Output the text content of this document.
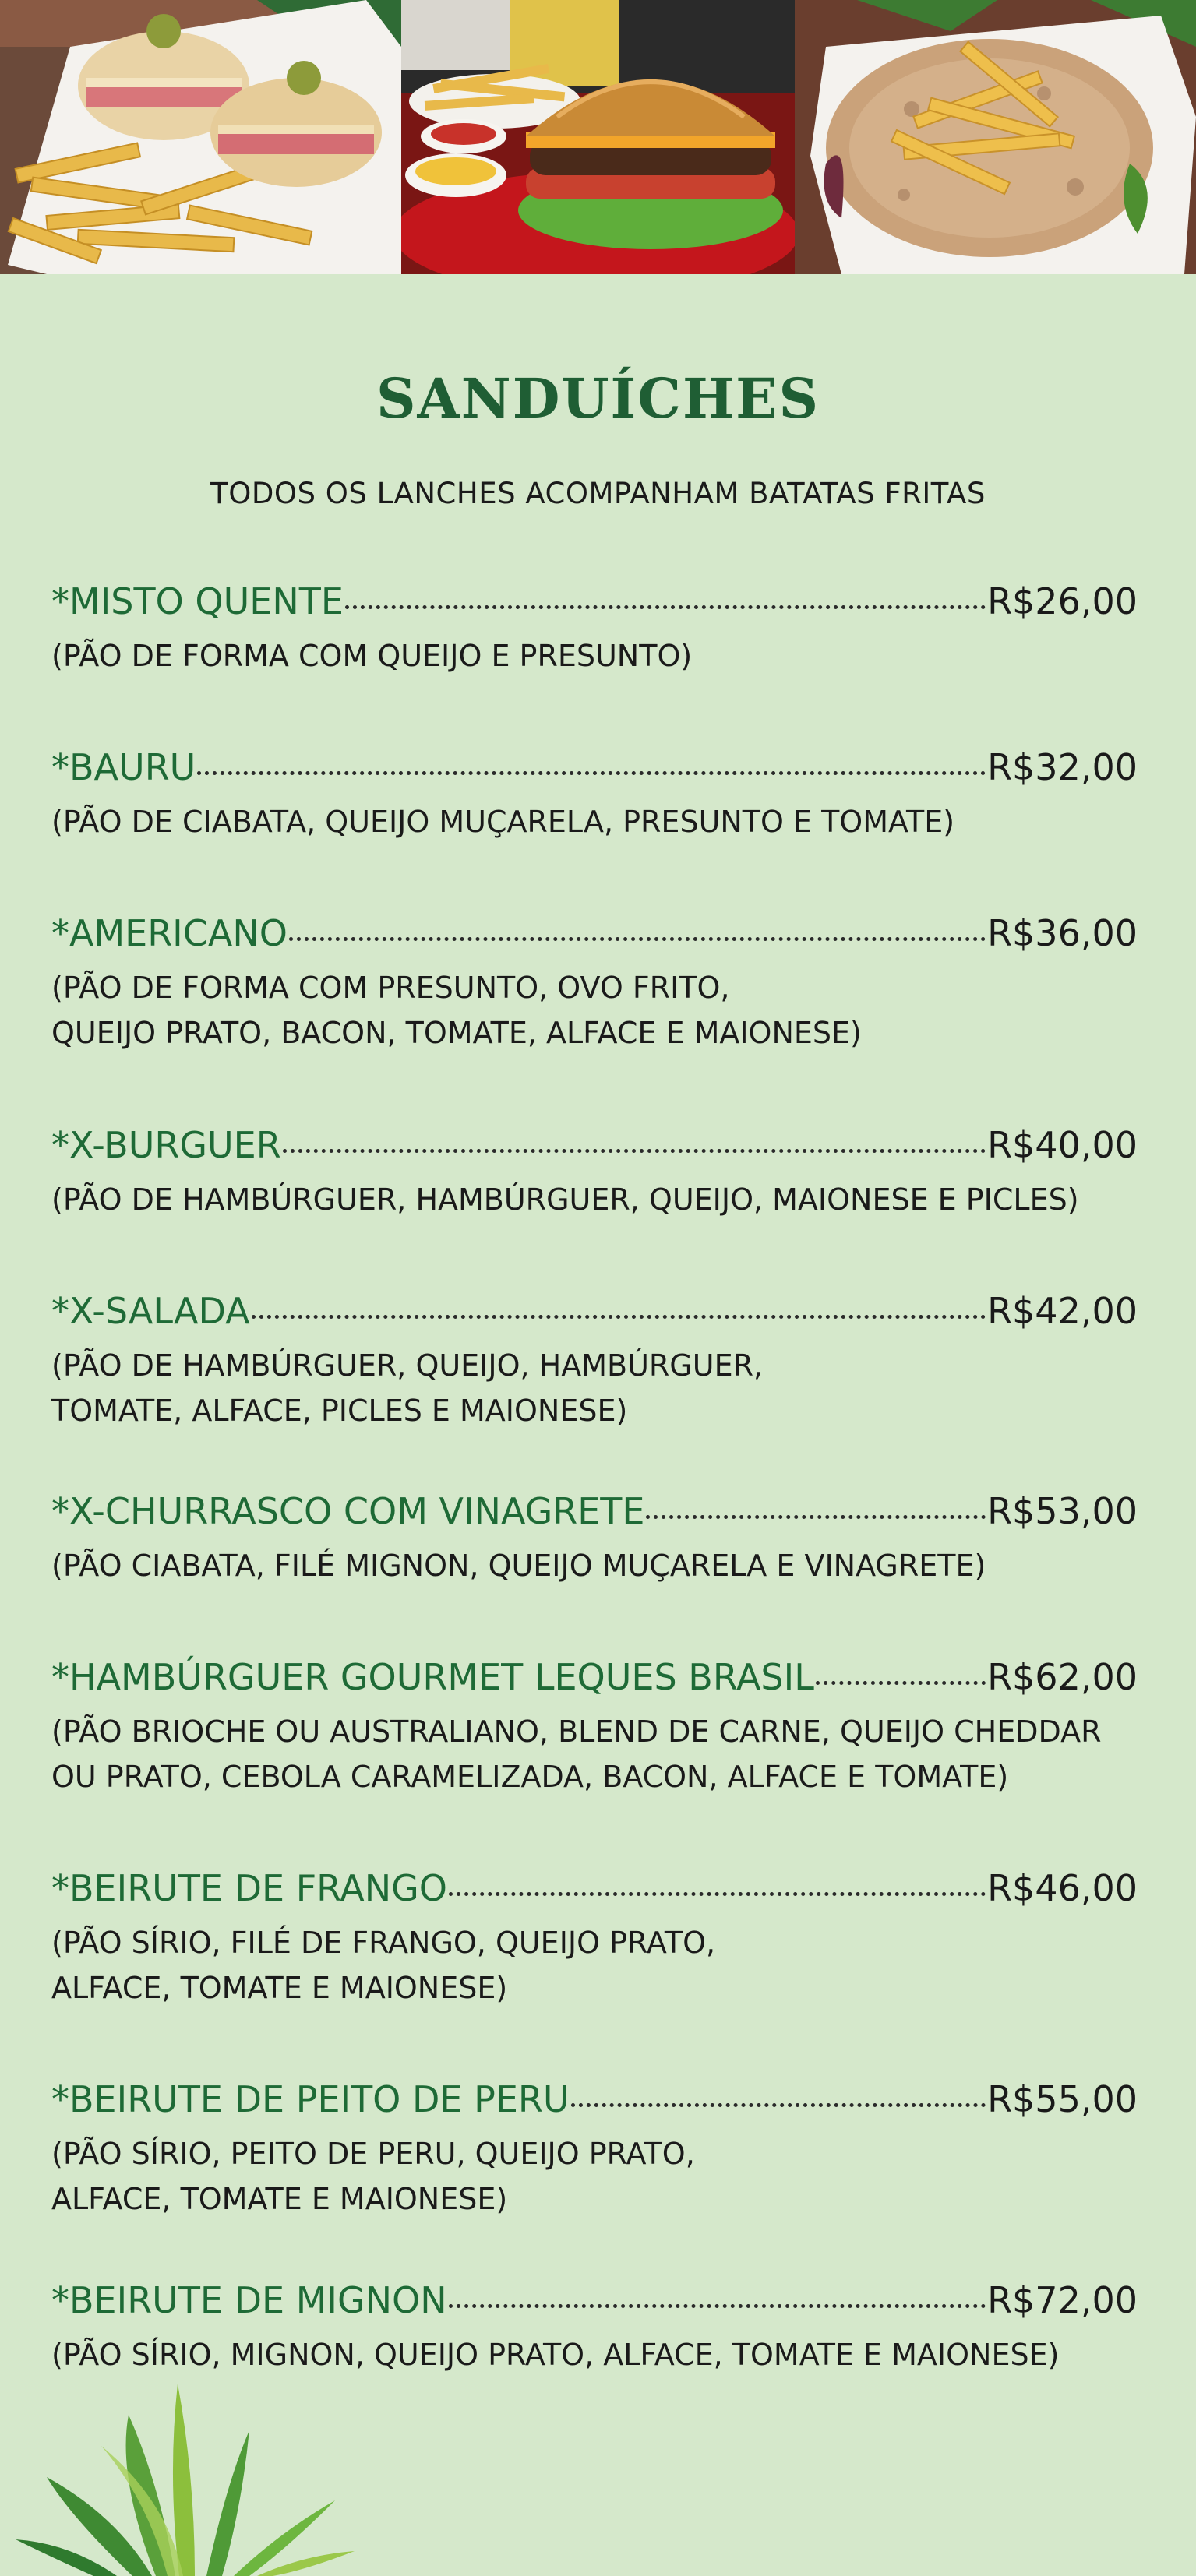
SANDUÍCHES

TODOS OS LANCHES ACOMPANHAM BATATAS FRITAS

*MISTO QUENTE	R$26,00
(PÃO DE FORMA COM QUEIJO E PRESUNTO)
*BAURU	R$32,00
(PÃO DE CIABATA, QUEIJO MUÇARELA, PRESUNTO E TOMATE)
*AMERICANO	R$36,00
(PÃO DE FORMA COM PRESUNTO, OVO FRITO,
QUEIJO PRATO, BACON, TOMATE, ALFACE E MAIONESE)
*X-BURGUER	R$40,00
(PÃO DE HAMBÚRGUER, HAMBÚRGUER, QUEIJO, MAIONESE E PICLES)
*X-SALADA	R$42,00
(PÃO DE HAMBÚRGUER, QUEIJO, HAMBÚRGUER,
TOMATE, ALFACE, PICLES E MAIONESE)
*X-CHURRASCO COM VINAGRETE	R$53,00
(PÃO CIABATA, FILÉ MIGNON, QUEIJO MUÇARELA E VINAGRETE)
*HAMBÚRGUER GOURMET LEQUES BRASIL	R$62,00
(PÃO BRIOCHE OU AUSTRALIANO, BLEND DE CARNE, QUEIJO CHEDDAR
OU PRATO, CEBOLA CARAMELIZADA, BACON, ALFACE E TOMATE)
*BEIRUTE DE FRANGO	R$46,00
(PÃO SÍRIO, FILÉ DE FRANGO, QUEIJO PRATO,
ALFACE, TOMATE E MAIONESE)
*BEIRUTE DE PEITO DE PERU	R$55,00
(PÃO SÍRIO, PEITO DE PERU, QUEIJO PRATO,
ALFACE, TOMATE E MAIONESE)
*BEIRUTE DE MIGNON	R$72,00
(PÃO SÍRIO, MIGNON, QUEIJO PRATO, ALFACE, TOMATE E MAIONESE)
